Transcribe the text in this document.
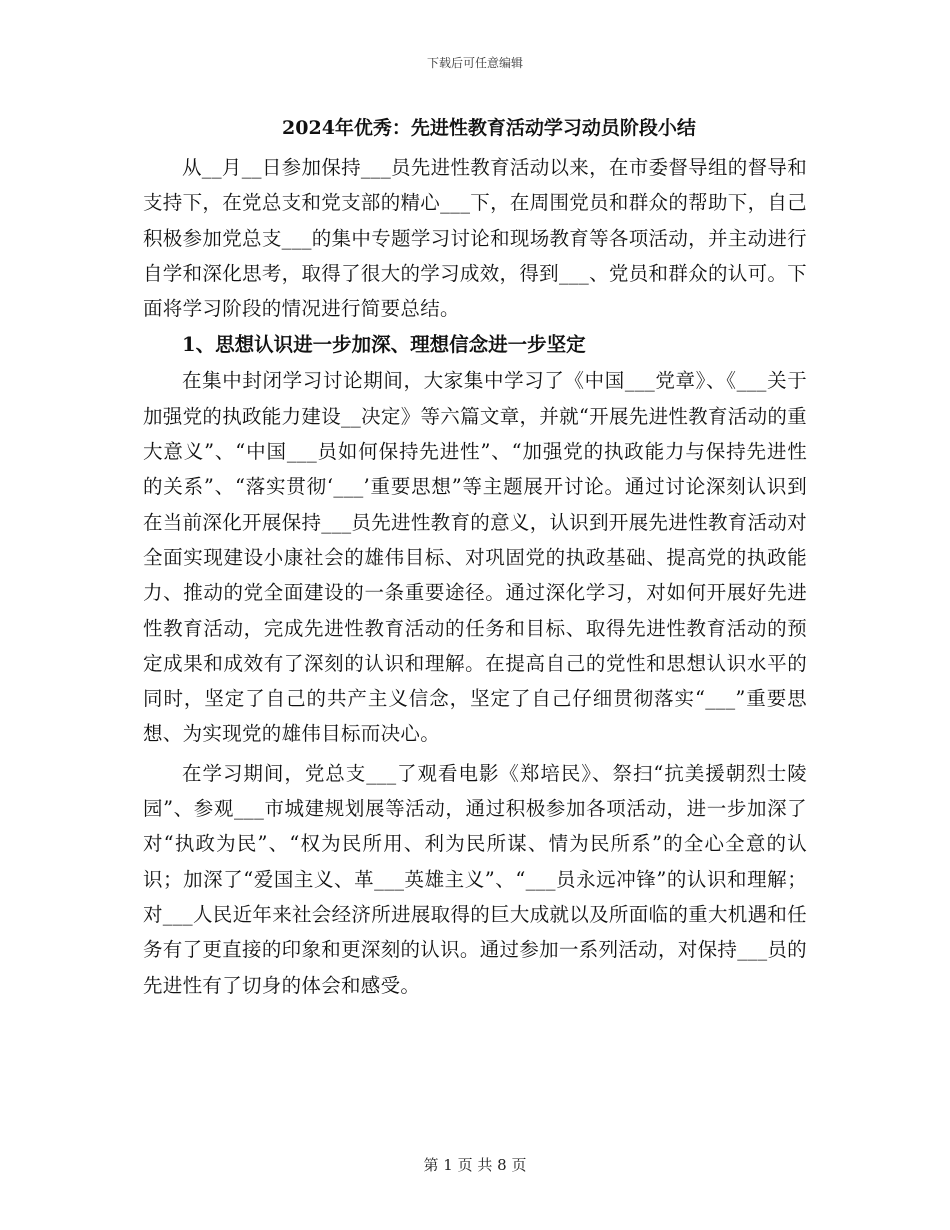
下载后可任意编辑
2024年优秀：先进性教育活动学习动员阶段小结

从__月__日参加保持___员先进性教育活动以来，在市委督导组的督导和支持下，在党总支和党支部的精心___下，在周围党员和群众的帮助下，自己积极参加党总支___的集中专题学习讨论和现场教育等各项活动，并主动进行自学和深化思考，取得了很大的学习成效，得到___、党员和群众的认可。下面将学习阶段的情况进行简要总结。

1、思想认识进一步加深、理想信念进一步坚定

在集中封闭学习讨论期间，大家集中学习了《中国___党章》、《___关于加强党的执政能力建设__决定》等六篇文章，并就“开展先进性教育活动的重大意义”、“中国___员如何保持先进性”、“加强党的执政能力与保持先进性的关系”、“落实贯彻‘___’重要思想”等主题展开讨论。通过讨论深刻认识到在当前深化开展保持___员先进性教育的意义，认识到开展先进性教育活动对全面实现建设小康社会的雄伟目标、对巩固党的执政基础、提高党的执政能力、推动的党全面建设的一条重要途径。通过深化学习，对如何开展好先进性教育活动，完成先进性教育活动的任务和目标、取得先进性教育活动的预定成果和成效有了深刻的认识和理解。在提高自己的党性和思想认识水平的同时，坚定了自己的共产主义信念，坚定了自己仔细贯彻落实“___”重要思想、为实现党的雄伟目标而决心。

在学习期间，党总支___了观看电影《郑培民》、祭扫“抗美援朝烈士陵园”、参观___市城建规划展等活动，通过积极参加各项活动，进一步加深了对“执政为民”、“权为民所用、利为民所谋、情为民所系”的全心全意的认识；加深了“爱国主义、革___英雄主义”、“___员永远冲锋”的认识和理解；对___人民近年来社会经济所进展取得的巨大成就以及所面临的重大机遇和任务有了更直接的印象和更深刻的认识。通过参加一系列活动，对保持___员的先进性有了切身的体会和感受。

第 1 页 共 8 页
